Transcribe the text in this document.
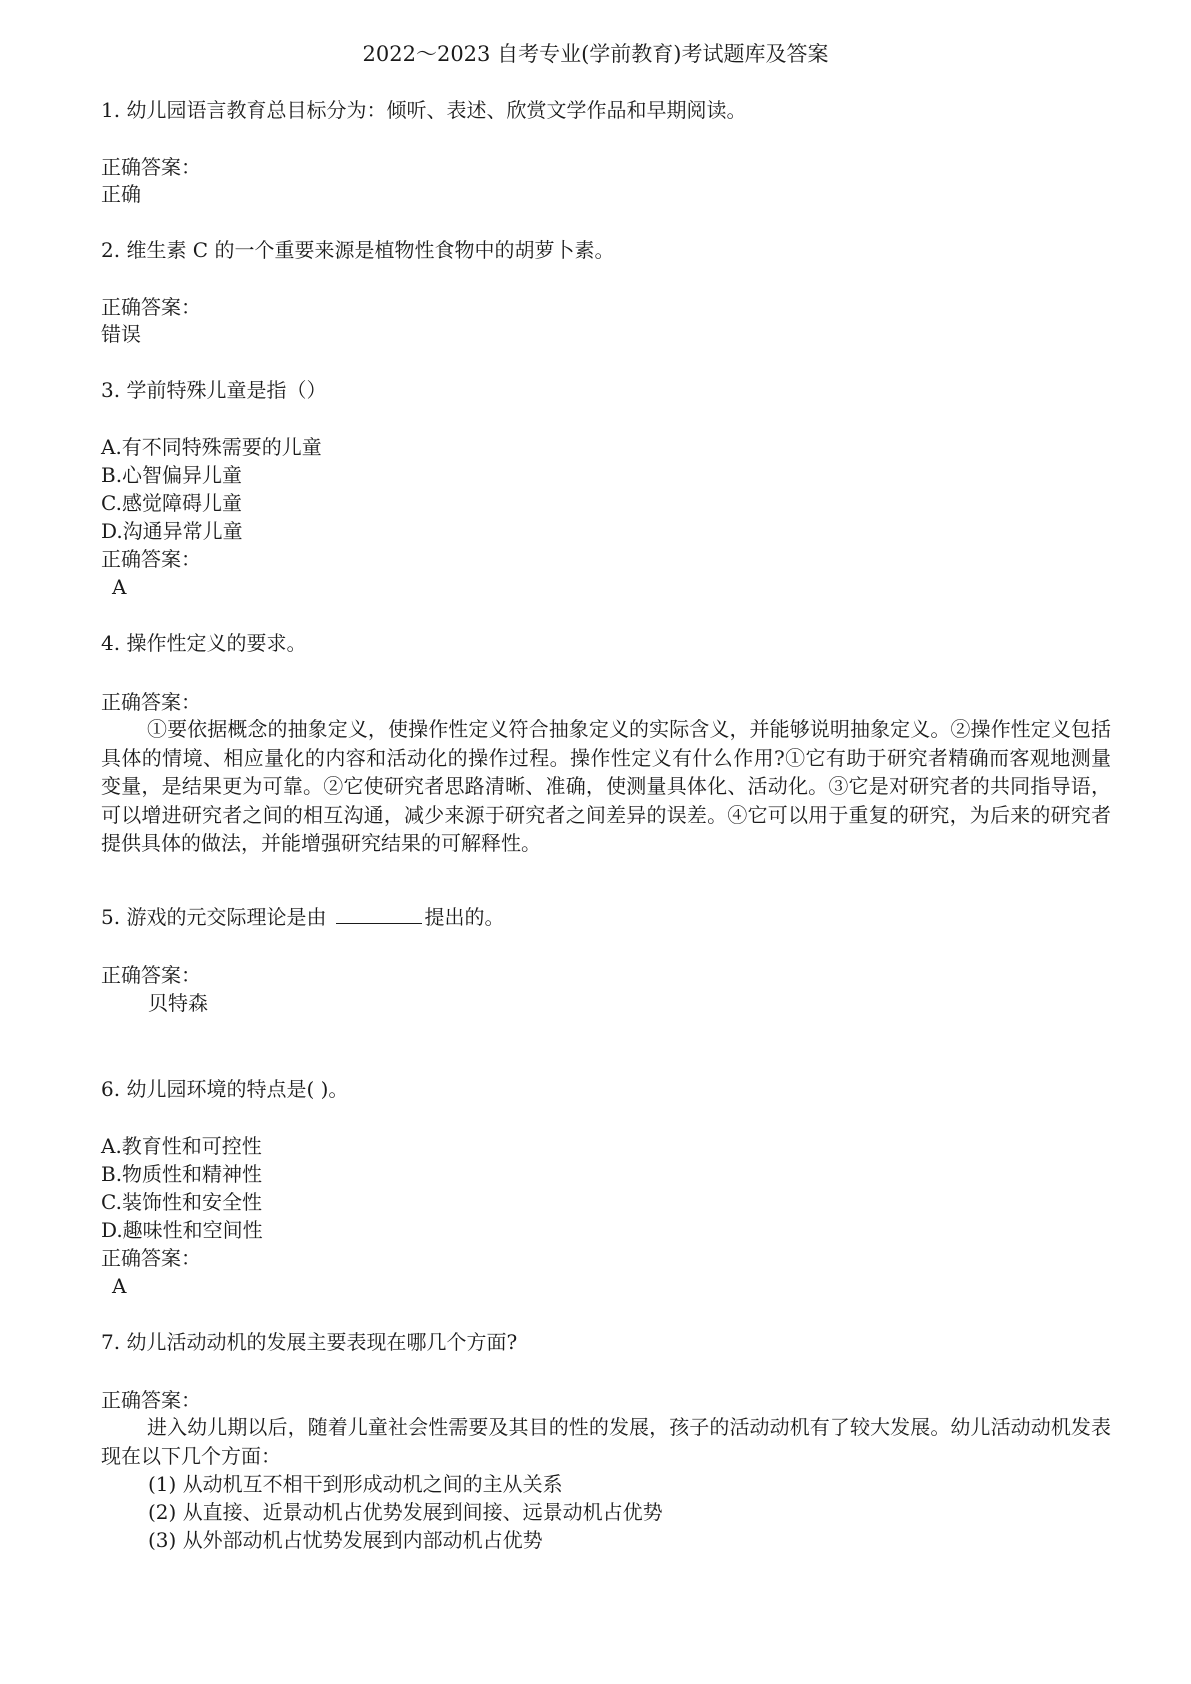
2022～2023 自考专业(学前教育)考试题库及答案
1. 幼儿园语言教育总目标分为：倾听、表述、欣赏文学作品和早期阅读。
正确答案：
正确
2. 维生素 C 的一个重要来源是植物性食物中的胡萝卜素。
正确答案：
错误
3. 学前特殊儿童是指（）
A.有不同特殊需要的儿童
B.心智偏异儿童
C.感觉障碍儿童
D.沟通异常儿童
正确答案：
A
4. 操作性定义的要求。
正确答案：
①要依据概念的抽象定义，使操作性定义符合抽象定义的实际含义，并能够说明抽象定义。②操作性定义包括具体的情境、相应量化的内容和活动化的操作过程。操作性定义有什么作用?①它有助于研究者精确而客观地测量变量，是结果更为可靠。②它使研究者思路清晰、准确，使测量具体化、活动化。③它是对研究者的共同指导语，可以增进研究者之间的相互沟通，减少来源于研究者之间差异的误差。④它可以用于重复的研究，为后来的研究者提供具体的做法，并能增强研究结果的可解释性。
5. 游戏的元交际理论是由	提出的。
正确答案：
贝特森
6. 幼儿园环境的特点是( )。
A.教育性和可控性
B.物质性和精神性
C.装饰性和安全性
D.趣味性和空间性
正确答案：
A
7. 幼儿活动动机的发展主要表现在哪几个方面?
正确答案：
进入幼儿期以后，随着儿童社会性需要及其目的性的发展，孩子的活动动机有了较大发展。幼儿活动动机发表现在以下几个方面：
(1) 从动机互不相干到形成动机之间的主从关系
(2) 从直接、近景动机占优势发展到间接、远景动机占优势
(3) 从外部动机占忧势发展到内部动机占优势
